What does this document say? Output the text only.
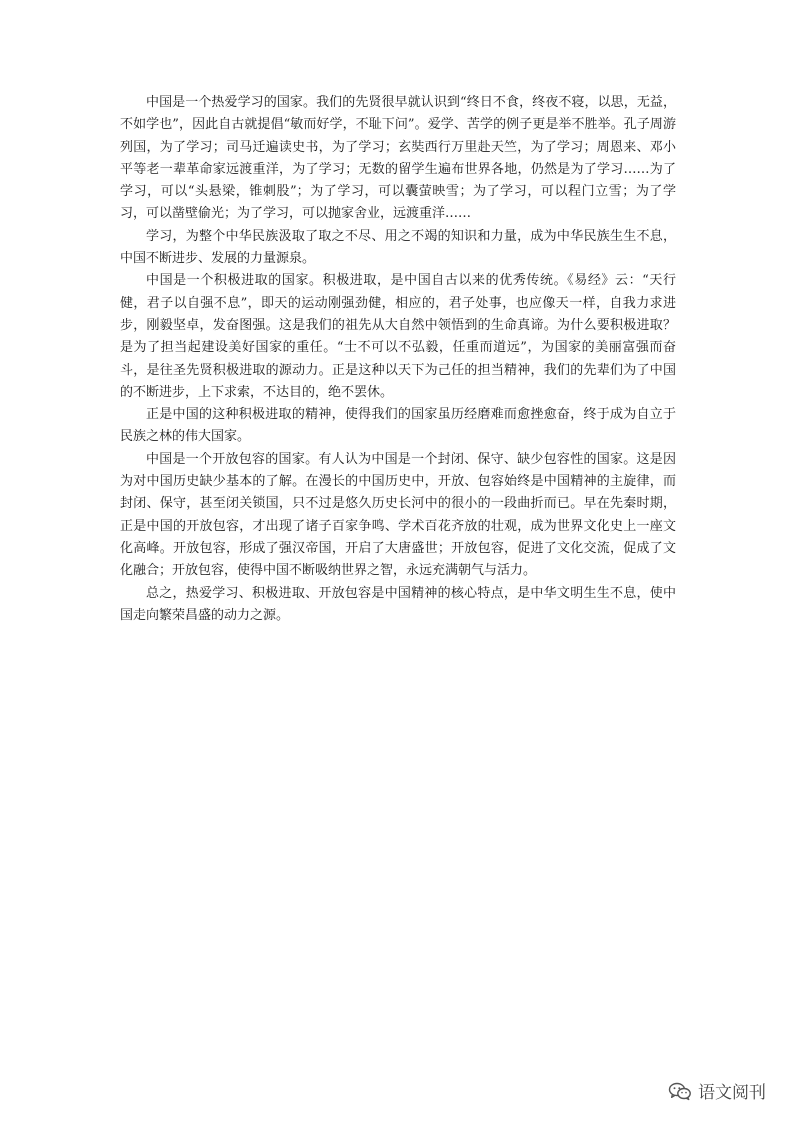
中国是一个热爱学习的国家。我们的先贤很早就认识到“终日不食，终夜不寝，以思，无益，不如学也”，因此自古就提倡“敏而好学，不耻下问”。爱学、苦学的例子更是举不胜举。孔子周游列国，为了学习；司马迁遍读史书，为了学习；玄奘西行万里赴天竺，为了学习；周恩来、邓小平等老一辈革命家远渡重洋，为了学习；无数的留学生遍布世界各地，仍然是为了学习……为了学习，可以“头悬梁，锥刺股”；为了学习，可以囊萤映雪；为了学习，可以程门立雪；为了学习，可以凿壁偷光；为了学习，可以抛家舍业，远渡重洋……

学习，为整个中华民族汲取了取之不尽、用之不竭的知识和力量，成为中华民族生生不息，中国不断进步、发展的力量源泉。

中国是一个积极进取的国家。积极进取，是中国自古以来的优秀传统。《易经》云：“天行健，君子以自强不息”，即天的运动刚强劲健，相应的，君子处事，也应像天一样，自我力求进步，刚毅坚卓，发奋图强。这是我们的祖先从大自然中领悟到的生命真谛。为什么要积极进取？是为了担当起建设美好国家的重任。“士不可以不弘毅，任重而道远”，为国家的美丽富强而奋斗，是往圣先贤积极进取的源动力。正是这种以天下为己任的担当精神，我们的先辈们为了中国的不断进步，上下求索，不达目的，绝不罢休。

正是中国的这种积极进取的精神，使得我们的国家虽历经磨难而愈挫愈奋，终于成为自立于民族之林的伟大国家。

中国是一个开放包容的国家。有人认为中国是一个封闭、保守、缺少包容性的国家。这是因为对中国历史缺少基本的了解。在漫长的中国历史中，开放、包容始终是中国精神的主旋律，而封闭、保守，甚至闭关锁国，只不过是悠久历史长河中的很小的一段曲折而已。早在先秦时期，正是中国的开放包容，才出现了诸子百家争鸣、学术百花齐放的壮观，成为世界文化史上一座文化高峰。开放包容，形成了强汉帝国，开启了大唐盛世；开放包容，促进了文化交流，促成了文化融合；开放包容，使得中国不断吸纳世界之智，永远充满朝气与活力。

总之，热爱学习、积极进取、开放包容是中国精神的核心特点，是中华文明生生不息，使中国走向繁荣昌盛的动力之源。

语文阅刊
